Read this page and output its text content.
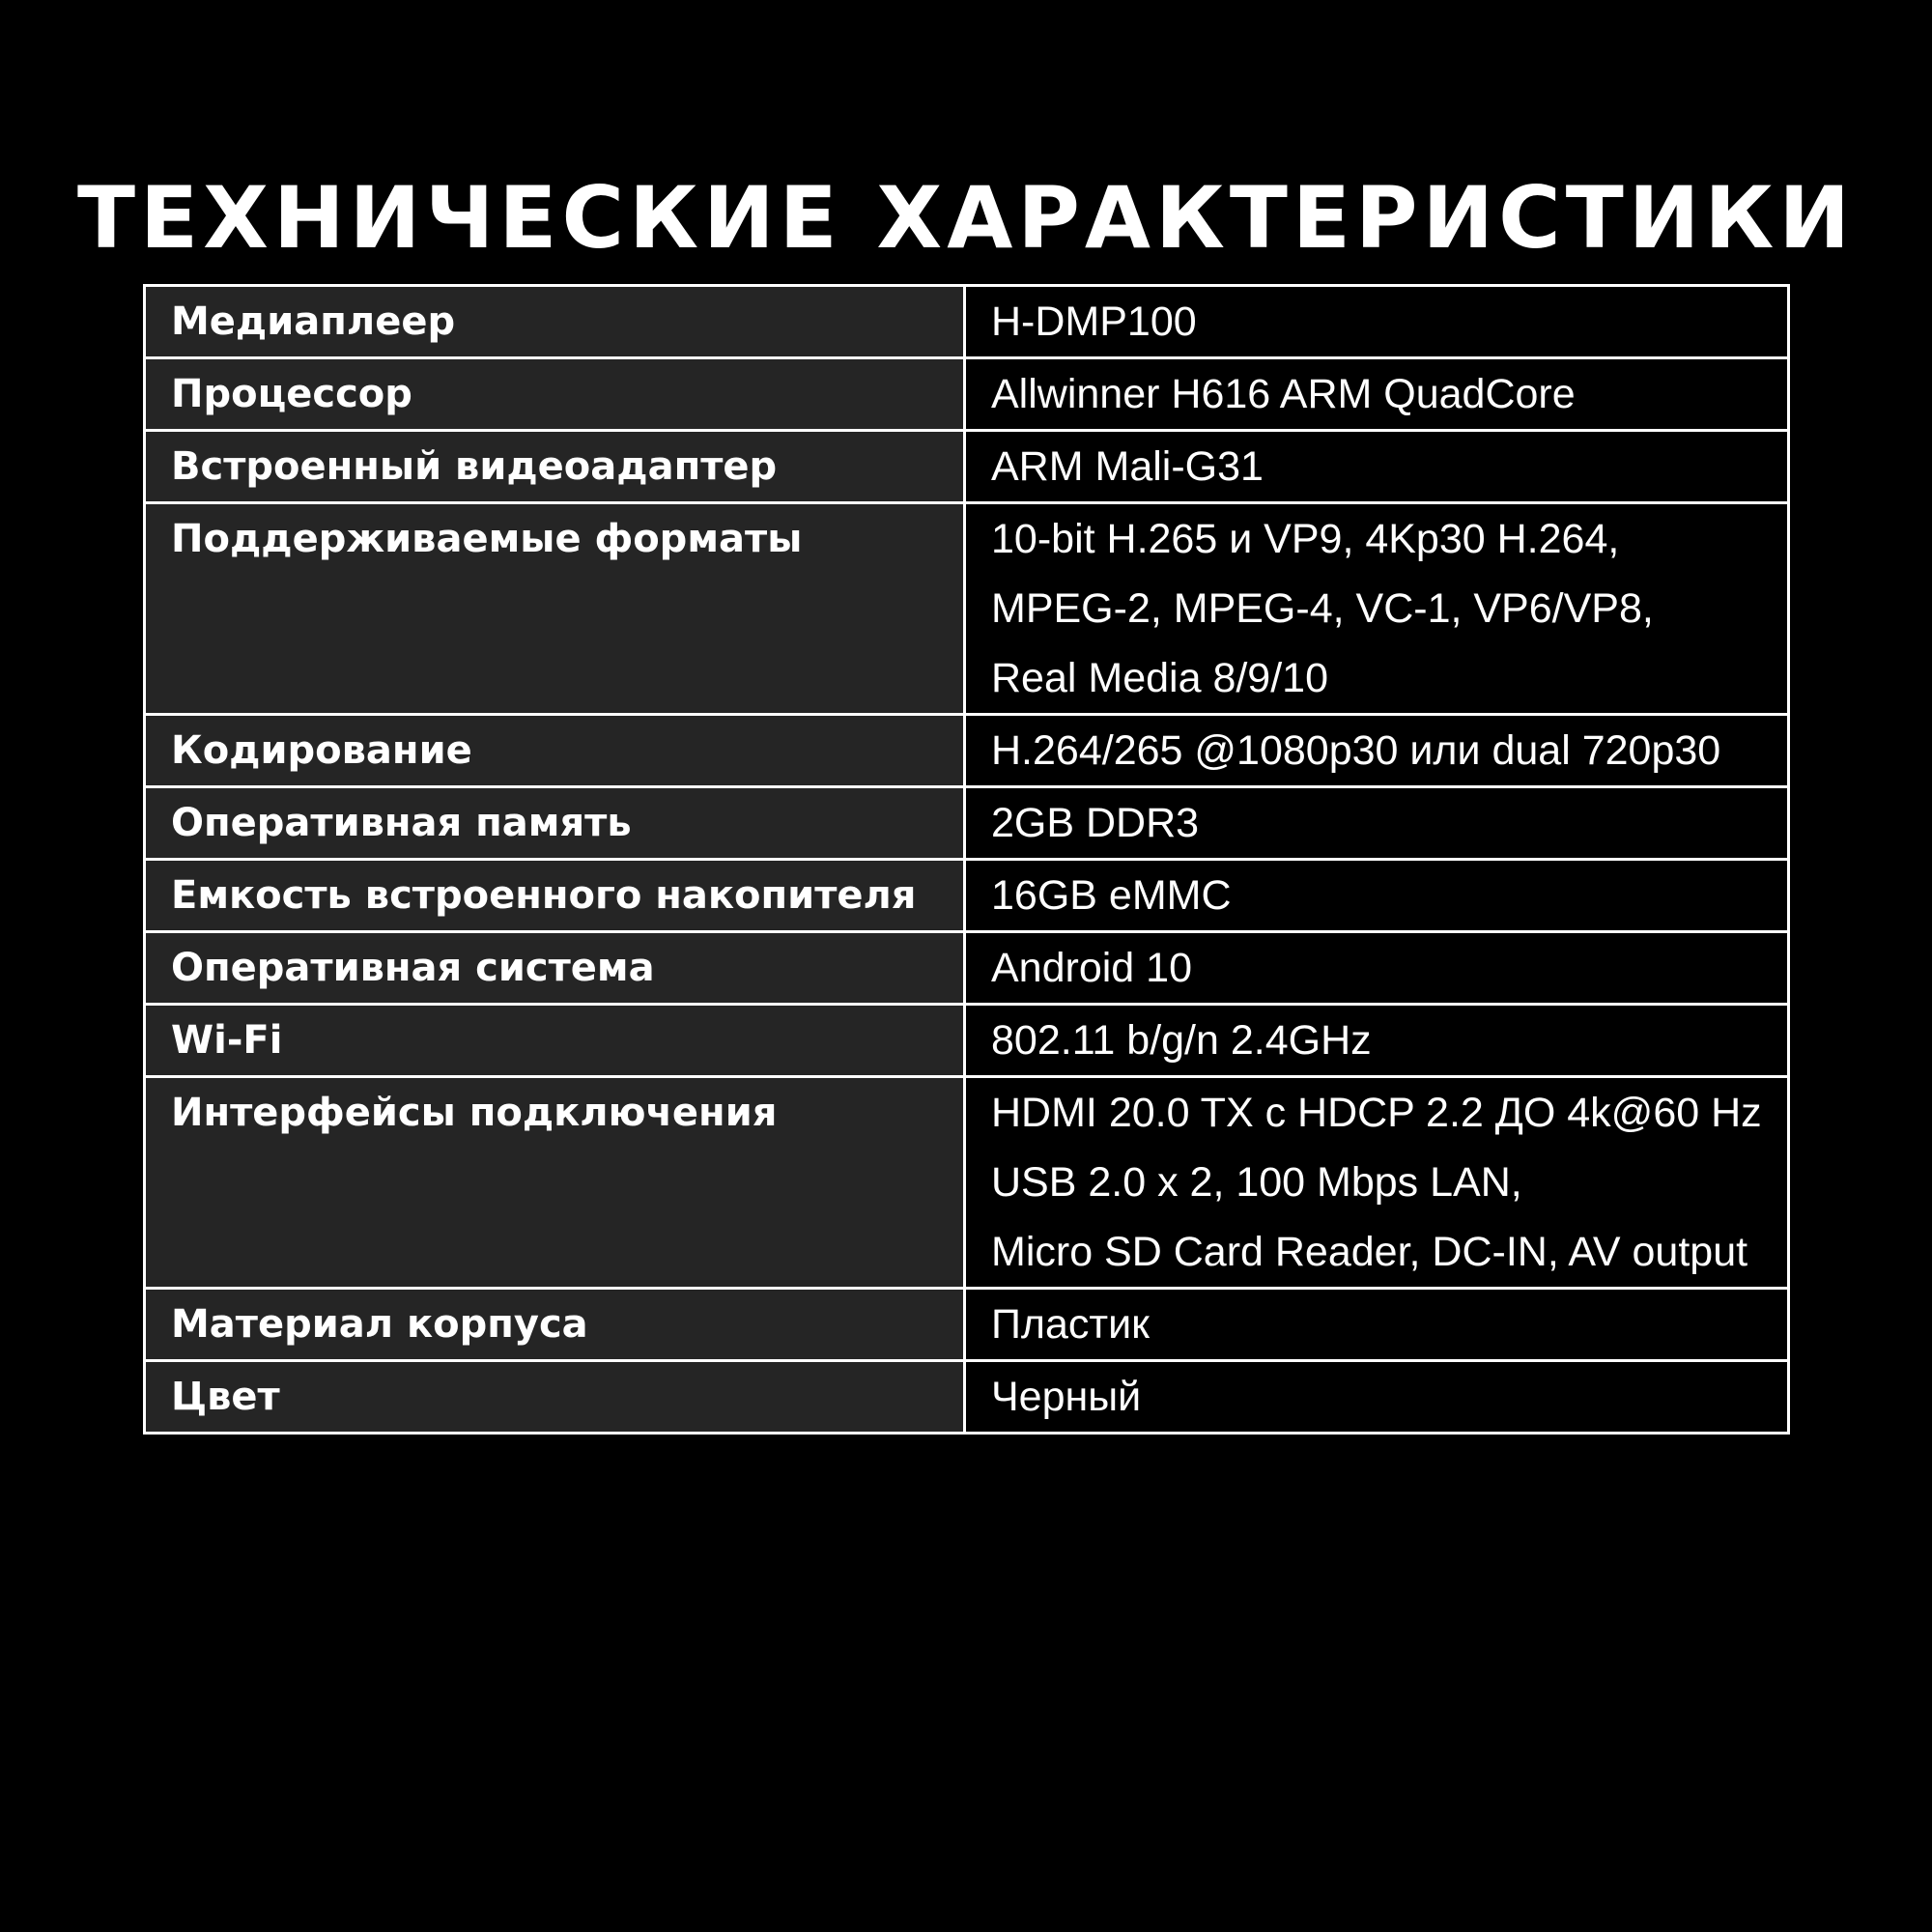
ТЕХНИЧЕСКИЕ ХАРАКТЕРИСТИКИ
Медиаплеер	H-DMP100

Процессор	Allwinner H616 ARM QuadCore

Встроенный видеоадаптер	ARM Mali-G31

Поддерживаемые форматы	10-bit H.265 и VP9, 4Kp30 H.264,
MPEG-2, MPEG-4, VC-1, VP6/VP8,
Real Media 8/9/10

Кодирование	H.264/265 @1080p30 или dual 720p30

Оперативная память	2GB DDR3

Емкость встроенного накопителя	16GB eMMC

Оперативная система	Android 10

Wi-Fi	802.11 b/g/n 2.4GHz

Интерфейсы подключения	HDMI 20.0 TX с HDCP 2.2 ДО 4k@60 Hz
USB 2.0 x 2, 100 Mbps LAN,
Micro SD Card Reader, DC-IN, AV output

Материал корпуса	Пластик

Цвет	Черный
